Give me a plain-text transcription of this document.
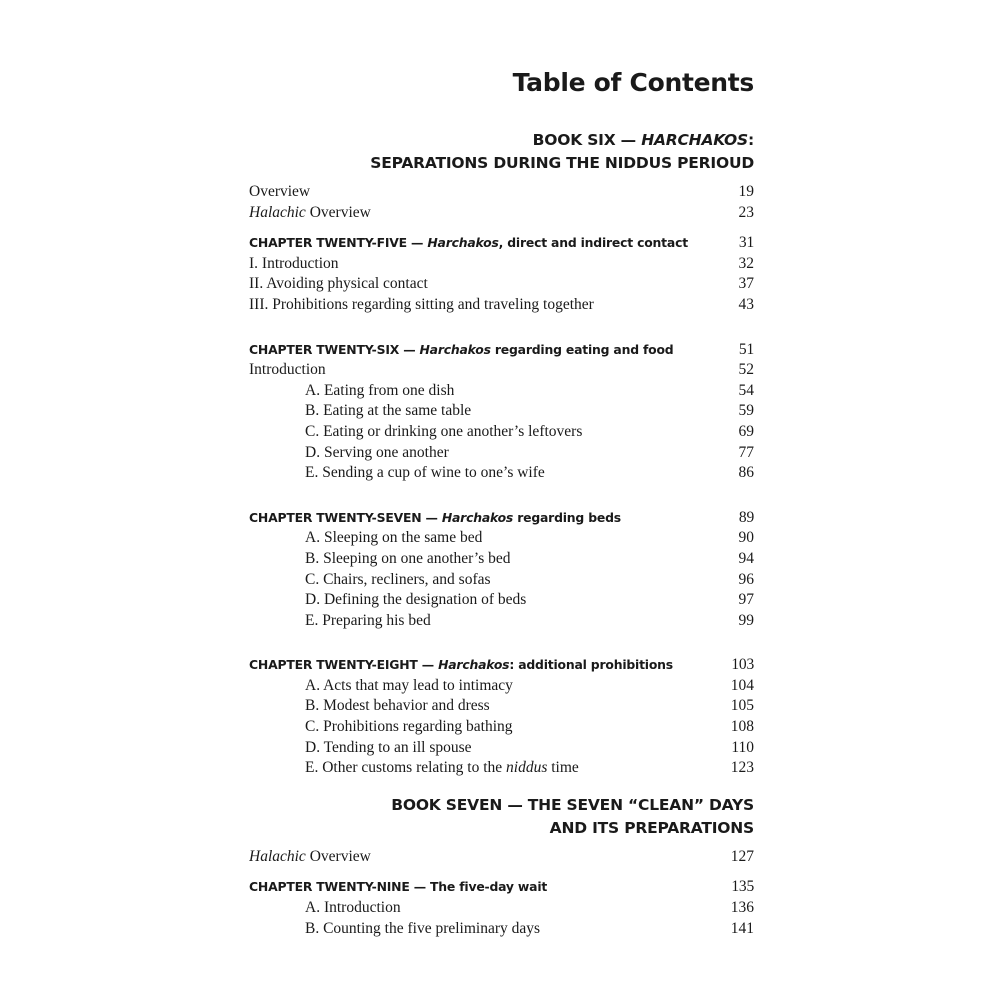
Table of Contents
BOOK SIX — HARCHAKOS:
SEPARATIONS DURING THE NIDDUS PERIOUD
Overview	19
Halachic Overview	23
CHAPTER TWENTY-FIVE — Harchakos, direct and indirect contact	31
I. Introduction	32
II. Avoiding physical contact	37
III. Prohibitions regarding sitting and traveling together	43
CHAPTER TWENTY-SIX — Harchakos regarding eating and food	51
Introduction	52
A. Eating from one dish	54
B. Eating at the same table	59
C. Eating or drinking one another’s leftovers	69
D. Serving one another	77
E. Sending a cup of wine to one’s wife	86
CHAPTER TWENTY-SEVEN — Harchakos regarding beds	89
A. Sleeping on the same bed	90
B. Sleeping on one another’s bed	94
C. Chairs, recliners, and sofas	96
D. Defining the designation of beds	97
E. Preparing his bed	99
CHAPTER TWENTY-EIGHT — Harchakos: additional prohibitions	103
A. Acts that may lead to intimacy	104
B. Modest behavior and dress	105
C. Prohibitions regarding bathing	108
D. Tending to an ill spouse	110
E. Other customs relating to the niddus time	123
BOOK SEVEN — THE SEVEN “CLEAN” DAYS
AND ITS PREPARATIONS
Halachic Overview	127
CHAPTER TWENTY-NINE — The five-day wait	135
A. Introduction	136
B. Counting the five preliminary days	141
